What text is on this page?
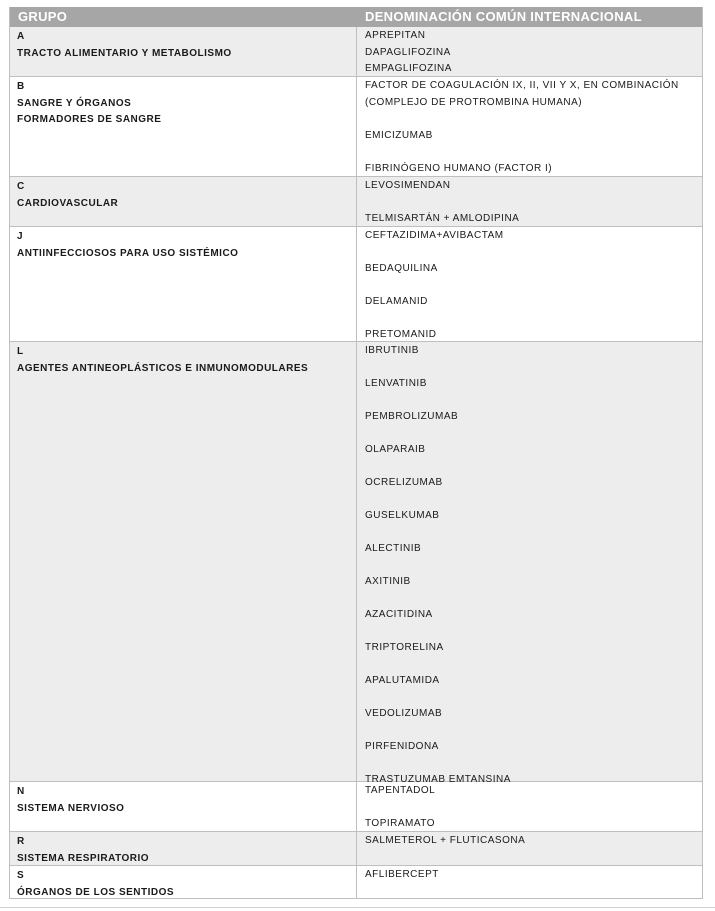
GRUPO	DENOMINACIÓN COMÚN INTERNACIONAL
A
TRACTO ALIMENTARIO Y METABOLISMO
APREPITAN
DAPAGLIFOZINA
EMPAGLIFOZINA
B
SANGRE Y ÓRGANOS
FORMADORES DE SANGRE
FACTOR DE COAGULACIÓN IX, II, VII Y X, EN COMBINACIÓN (COMPLEJO DE PROTROMBINA HUMANA)
EMICIZUMAB
FIBRINÓGENO HUMANO (FACTOR I)
C
CARDIOVASCULAR
LEVOSIMENDAN
TELMISARTÁN + AMLODIPINA
J
ANTIINFECCIOSOS PARA USO SISTÉMICO
CEFTAZIDIMA+AVIBACTAM
BEDAQUILINA
DELAMANID
PRETOMANID
L
AGENTES ANTINEOPLÁSTICOS E INMUNOMODULARES
IBRUTINIB
LENVATINIB
PEMBROLIZUMAB
OLAPARAIB
OCRELIZUMAB
GUSELKUMAB
ALECTINIB
AXITINIB
AZACITIDINA
TRIPTORELINA
APALUTAMIDA
VEDOLIZUMAB
PIRFENIDONA
TRASTUZUMAB EMTANSINA
N
SISTEMA NERVIOSO
TAPENTADOL
TOPIRAMATO
R
SISTEMA RESPIRATORIO
SALMETEROL + FLUTICASONA
S
ÓRGANOS DE LOS SENTIDOS
AFLIBERCEPT
